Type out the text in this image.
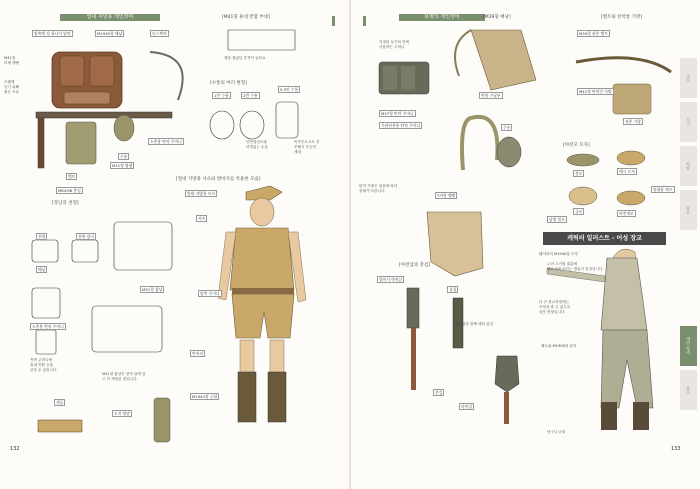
열대 지방용 개인장비	[M41형 휴대 반합 부대]
[수통의 여러 변형]
[장남과 천형]
[열대 지방용 셔츠와 반바지를 착용한 모습]
양쪽에 각 하나가 달린	M1939형 배낭	리스팩처
M41형
어깨 멜빵
모랫행
남기 위해
붙은 모습
수통
M31형 쌀냄
소총용 탄약 주머니
벨트
M84/98 총검
챙을 접었던 흔적이 있어요
1번 수통	2번 수통
0.5번 수통
단면형점모와
마개있는 수통
목목부르고도 선
쿠폐식 부등만
세대
천형	천형 장비
배낭
M31형 잡낭
소총용 탄약 주머니
M41형 잡낭은 천막 뒤에 달
고 더 세밀한 편입니다.
측면 주머니에
휴대 반합 등을
넣을 수 있습니다.
열대 지방용 모자
셔츠
앞쪽 주머니
반바지
M1943형 군화
모직 양말
샌들
132
보병의 개인장비	[M39형 배낭]	[벨트와 탄약통 가방]
[야전모 모자]
[야전삽과 총검]
지정된 무기의 칸에
사용하는 주머니
M37형 탄약 주머니
기관단총용 탄약 주머니
반합 수납부
수통
M39형 권총 벨트
M42형 탄약간 가방
권총 가방
탄약 가방은 권총에 따라
형태가 다릅니다.
Y자형 멜빵
정모	예시 모자
규모	야전제모
남방 열모
열대용 약모
접이식 야전삽
삽집
총검
야전삽과 함께 매단 총검
야전삽
웨이터의 M1940형 모자
누어 초기형 권총에
필요시에 쓰이는 방효가 통상입니다.
다 큰 장교복장에는
모양을 줄 수 있도록
겉옷 변형입니다.
벨트와 M1906형 퓨아
당구니 군화
133
캐릭터 일러스트 - 어성 장교
조각
무기
차량
항공
개인 장비
부록
